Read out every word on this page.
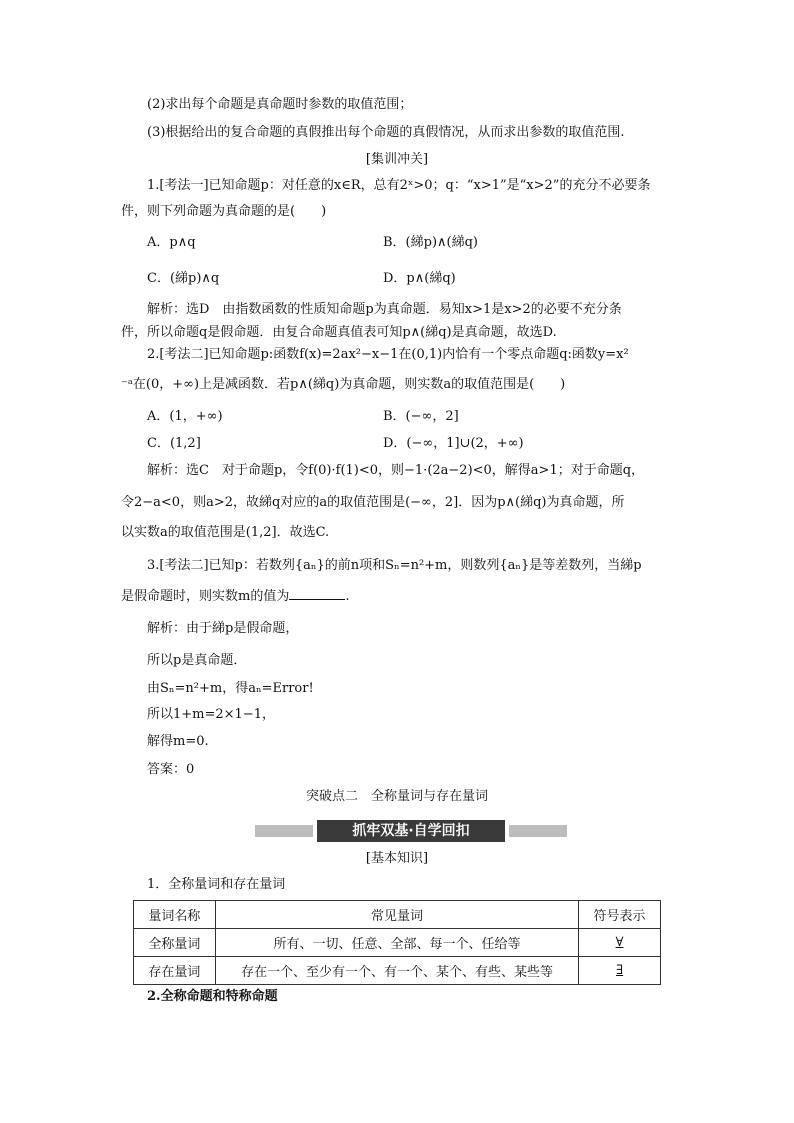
(2)求出每个命题是真命题时参数的取值范围；
(3)根据给出的复合命题的真假推出每个命题的真假情况，从而求出参数的取值范围.
[集训冲关]
1.[考法一]已知命题p：对任意的x∈R，总有2ˣ>0；q：“x>1”是“x>2”的充分不必要条
件，则下列命题为真命题的是(　　)
A．p∧q	B．(綈p)∧(綈q)
C．(綈p)∧q	D．p∧(綈q)
解析：选D　由指数函数的性质知命题p为真命题．易知x>1是x>2的必要不充分条
件，所以命题q是假命题．由复合命题真值表可知p∧(綈q)是真命题，故选D.
2.[考法二]已知命题p:函数f(x)=2ax²−x−1在(0,1)内恰有一个零点命题q:函数y=x²
⁻ᵃ在(0，+∞)上是减函数．若p∧(綈q)为真命题，则实数a的取值范围是(　　)
A．(1，+∞)	B．(−∞，2]
C．(1,2]	D．(−∞，1]∪(2，+∞)
解析：选C　对于命题p，令f(0)·f(1)<0，则−1·(2a−2)<0，解得a>1；对于命题q，
令2−a<0，则a>2，故綈q对应的a的取值范围是(−∞，2]．因为p∧(綈q)为真命题，所
以实数a的取值范围是(1,2]．故选C.
3.[考法二]已知p：若数列{aₙ}的前n项和Sₙ=n²+m，则数列{aₙ}是等差数列，当綈p
是假命题时，则实数m的值为	.
解析：由于綈p是假命题，
所以p是真命题．
由Sₙ=n²+m，得aₙ=Error!
所以1+m=2×1−1，
解得m=0.
答案：0
突破点二　全称量词与存在量词
抓牢双基·自学回扣
[基本知识]
1．全称量词和存在量词
量词名称	常见量词	符号表示
全称量词	所有、一切、任意、全部、每一个、任给等	∀
存在量词	存在一个、至少有一个、有一个、某个、有些、某些等	∃
2.全称命题和特称命题
